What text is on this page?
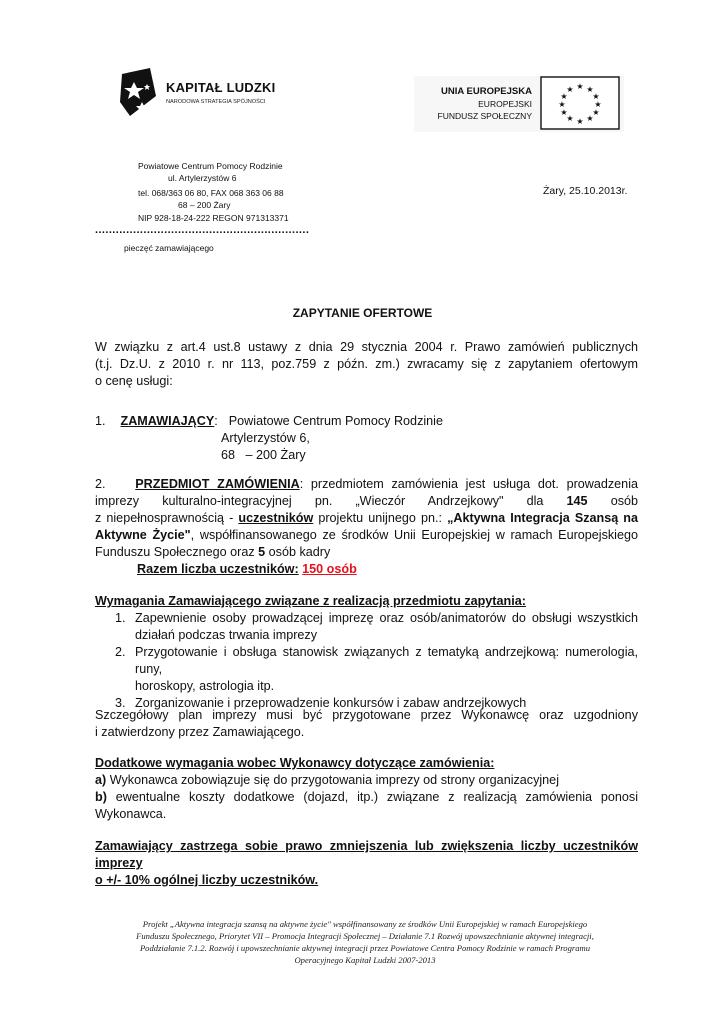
KAPITAŁ LUDZKI
NARODOWA STRATEGIA SPÓJNOŚCI
UNIA EUROPEJSKA
EUROPEJSKI
FUNDUSZ SPOŁECZNY
★ ★
★
★
★
★
★
★
★
★
★
★
Powiatowe Centrum Pomocy Rodzinie
ul. Artylerzystów 6
tel. 068/363 06 80, FAX 068 363 06 88
68 – 200 Żary
NIP 928-18-24-222 REGON 971313371
..............................................................
pieczęć zamawiającego
Żary, 25.10.2013r.
ZAPYTANIE OFERTOWE
W związku z art.4 ust.8 ustawy z dnia 29 stycznia 2004 r. Prawo zamówień publicznych
(t.j. Dz.U. z 2010 r. nr 113, poz.759 z późn. zm.) zwracamy się z zapytaniem ofertowym
o cenę usługi:
1. ZAMAWIAJĄCY: Powiatowe Centrum Pomocy Rodzinie
Artylerzystów 6,
68   – 200 Żary
2. PRZEDMIOT ZAMÓWIENIA: przedmiotem zamówienia jest usługa dot. prowadzenia
imprezy kulturalno-integracyjnej pn. „Wieczór Andrzejkowy" dla 145 osób
z niepełnosprawnością - uczestników projektu unijnego pn.: „Aktywna Integracja Szansą na
Aktywne Życie", współfinansowanego ze środków Unii Europejskiej w ramach Europejskiego
Funduszu Społecznego oraz 5 osób kadry
Razem liczba uczestników: 150 osób
Wymagania Zamawiającego związane z realizacją przedmiotu zapytania:
1. Zapewnienie osoby prowadzącej imprezę oraz osób/animatorów do obsługi wszystkich
działań podczas trwania imprezy
2. Przygotowanie i obsługa stanowisk związanych z tematyką andrzejkową: numerologia, runy,
horoskopy, astrologia itp.
3. Zorganizowanie i przeprowadzenie konkursów i zabaw andrzejkowych
Szczegółowy plan imprezy musi być przygotowane przez Wykonawcę oraz uzgodniony
i zatwierdzony przez Zamawiającego.
Dodatkowe wymagania wobec Wykonawcy dotyczące zamówienia:
a) Wykonawca zobowiązuje się do przygotowania imprezy od strony organizacyjnej
b) ewentualne koszty dodatkowe (dojazd, itp.) związane z realizacją zamówienia ponosi
Wykonawca.
Zamawiający zastrzega sobie prawo zmniejszenia lub zwiększenia liczby uczestników imprezy
o +/- 10% ogólnej liczby uczestników.
Projekt „Aktywna integracja szansą na aktywne życie" współfinansowany ze środków Unii Europejskiej w ramach Europejskiego
Funduszu Społecznego, Priorytet VII – Promocja Integracji Społecznej – Działanie 7.1 Rozwój upowszechnianie aktywnej integracji,
Poddziałanie 7.1.2. Rozwój i upowszechnianie aktywnej integracji przez Powiatowe Centra Pomocy Rodzinie w ramach Programu
Operacyjnego Kapitał Ludzki 2007-2013
